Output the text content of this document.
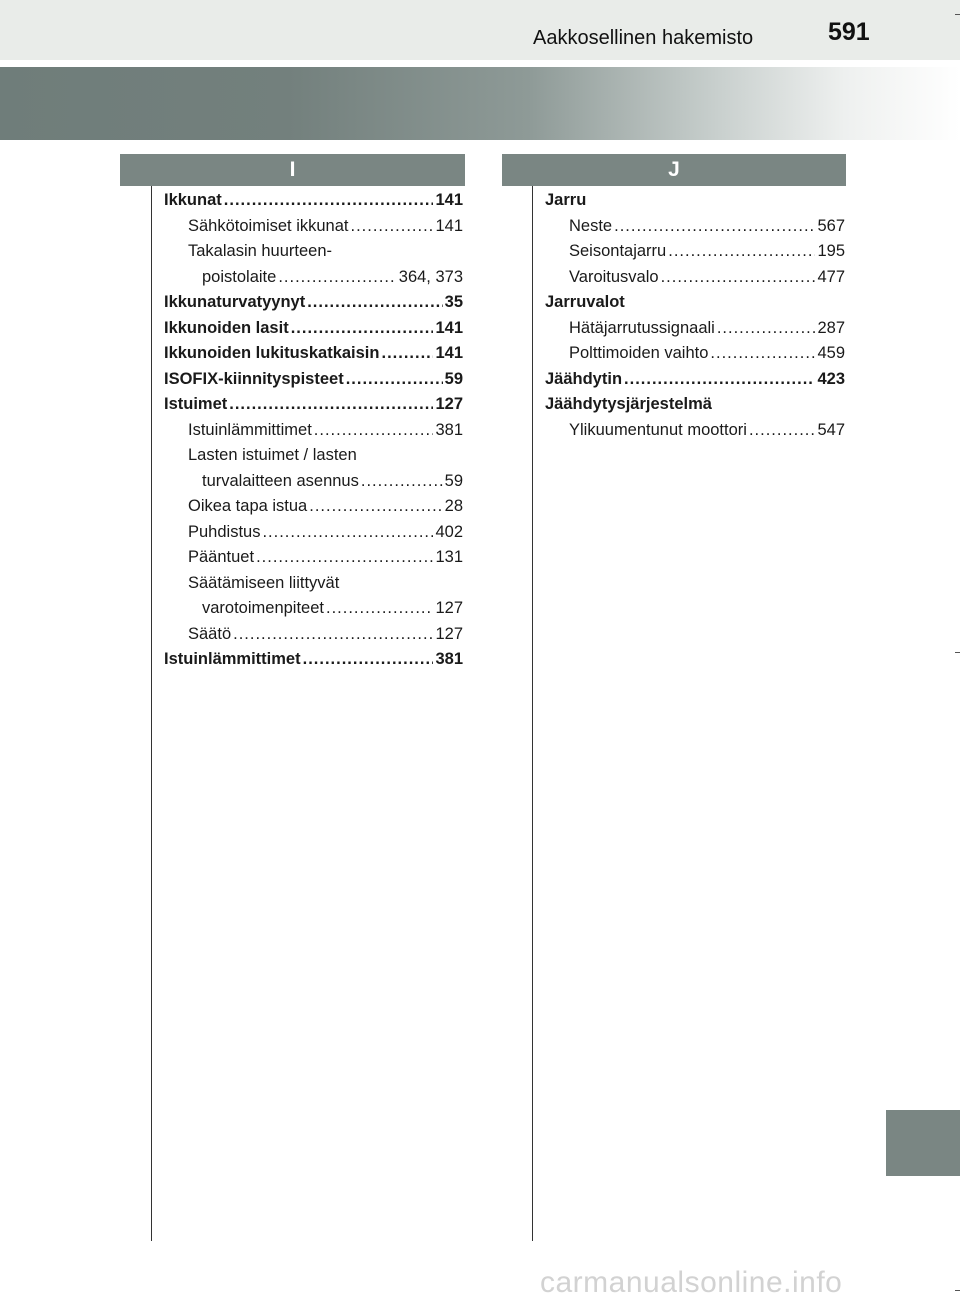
Aakkosellinen hakemisto	591
I	J
Ikkunat .....	141
Sähkötoimiset ikkunat .....	141
Takalasin huurteen-
poistolaite .....	364, 373
Ikkunaturvatyynyt .....	35
Ikkunoiden lasit .....	141
Ikkunoiden lukituskatkaisin .....	141
ISOFIX-kiinnityspisteet .....	59
Istuimet .....	127
Istuinlämmittimet .....	381
Lasten istuimet / lasten
turvalaitteen asennus .....	59
Oikea tapa istua .....	28
Puhdistus .....	402
Pääntuet .....	131
Säätämiseen liittyvät
varotoimenpiteet .....	127
Säätö .....	127
Istuinlämmittimet .....	381
Jarru
Neste .....	567
Seisontajarru .....	195
Varoitusvalo .....	477
Jarruvalot
Hätäjarrutussignaali .....	287
Polttimoiden vaihto .....	459
Jäähdytin .....	423
Jäähdytysjärjestelmä
Ylikuumentunut moottori .....	547
carmanualsonline.info
